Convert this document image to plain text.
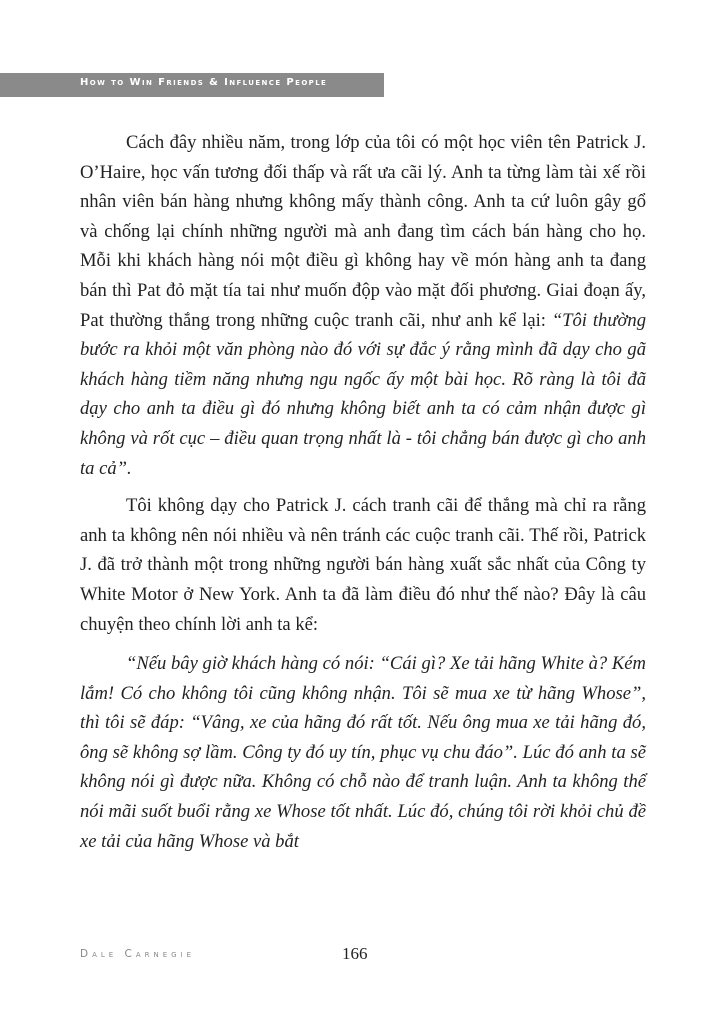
How to Win Friends & Influence People

Cách đây nhiều năm, trong lớp của tôi có một học viên tên Patrick J. O’Haire, học vấn tương đối thấp và rất ưa cãi lý. Anh ta từng làm tài xế rồi nhân viên bán hàng nhưng không mấy thành công. Anh ta cứ luôn gây gổ và chống lại chính những người mà anh đang tìm cách bán hàng cho họ. Mỗi khi khách hàng nói một điều gì không hay về món hàng anh ta đang bán thì Pat đỏ mặt tía tai như muốn độp vào mặt đối phương. Giai đoạn ấy, Pat thường thắng trong những cuộc tranh cãi, như anh kể lại: “Tôi thường bước ra khỏi một văn phòng nào đó với sự đắc ý rằng mình đã dạy cho gã khách hàng tiềm năng nhưng ngu ngốc ấy một bài học. Rõ ràng là tôi đã dạy cho anh ta điều gì đó nhưng không biết anh ta có cảm nhận được gì không và rốt cục – điều quan trọng nhất là - tôi chẳng bán được gì cho anh ta cả”.

Tôi không dạy cho Patrick J. cách tranh cãi để thắng mà chỉ ra rằng anh ta không nên nói nhiều và nên tránh các cuộc tranh cãi. Thế rồi, Patrick J. đã trở thành một trong những người bán hàng xuất sắc nhất của Công ty White Motor ở New York. Anh ta đã làm điều đó như thế nào? Đây là câu chuyện theo chính lời anh ta kể:

“Nếu bây giờ khách hàng có nói: “Cái gì? Xe tải hãng White à? Kém lắm! Có cho không tôi cũng không nhận. Tôi sẽ mua xe từ hãng Whose”, thì tôi sẽ đáp: “Vâng, xe của hãng đó rất tốt. Nếu ông mua xe tải hãng đó, ông sẽ không sợ lầm. Công ty đó uy tín, phục vụ chu đáo”. Lúc đó anh ta sẽ không nói gì được nữa. Không có chỗ nào để tranh luận. Anh ta không thể nói mãi suốt buổi rằng xe Whose tốt nhất. Lúc đó, chúng tôi rời khỏi chủ đề xe tải của hãng Whose và bắt

Dale Carnegie	166
